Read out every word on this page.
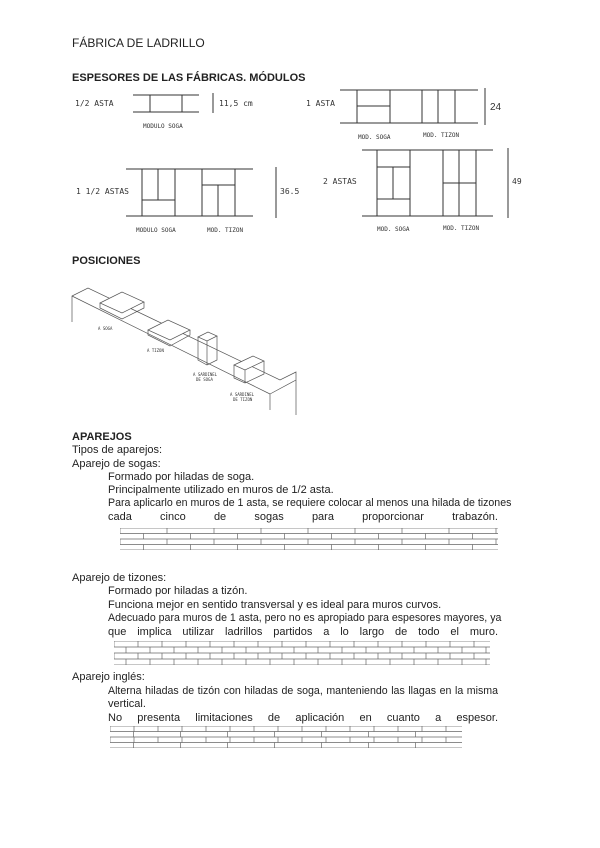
FÁBRICA DE LADRILLO
ESPESORES DE LAS FÁBRICAS. MÓDULOS
1/2 ASTA	11,5 cm
MODULO SOGA
1 ASTA	24
MOD. SOGA	MOD. TIZON
1 1/2 ASTAS	36.5
MODULO SOGA	MOD. TIZON
2 ASTAS	49
MOD. SOGA	MOD. TIZON
POSICIONES
A SOGA
A TIZON
A SARDINEL
DE SOGA
A SARDINEL
DE TIZON
APAREJOS
Tipos de aparejos:
Aparejo de sogas:
Formado por hiladas de soga.
Principalmente utilizado en muros de 1/2 asta.
Para aplicarlo en muros de 1 asta, se requiere colocar al menos una hilada de tizones
cada cinco de sogas para proporcionar trabazón.
Aparejo de tizones:
Formado por hiladas a tizón.
Funciona mejor en sentido transversal y es ideal para muros curvos.
Adecuado para muros de 1 asta, pero no es apropiado para espesores mayores, ya
que implica utilizar ladrillos partidos a lo largo de todo el muro.
Aparejo inglés:
Alterna hiladas de tizón con hiladas de soga, manteniendo las llagas en la misma
vertical.
No presenta limitaciones de aplicación en cuanto a espesor.
